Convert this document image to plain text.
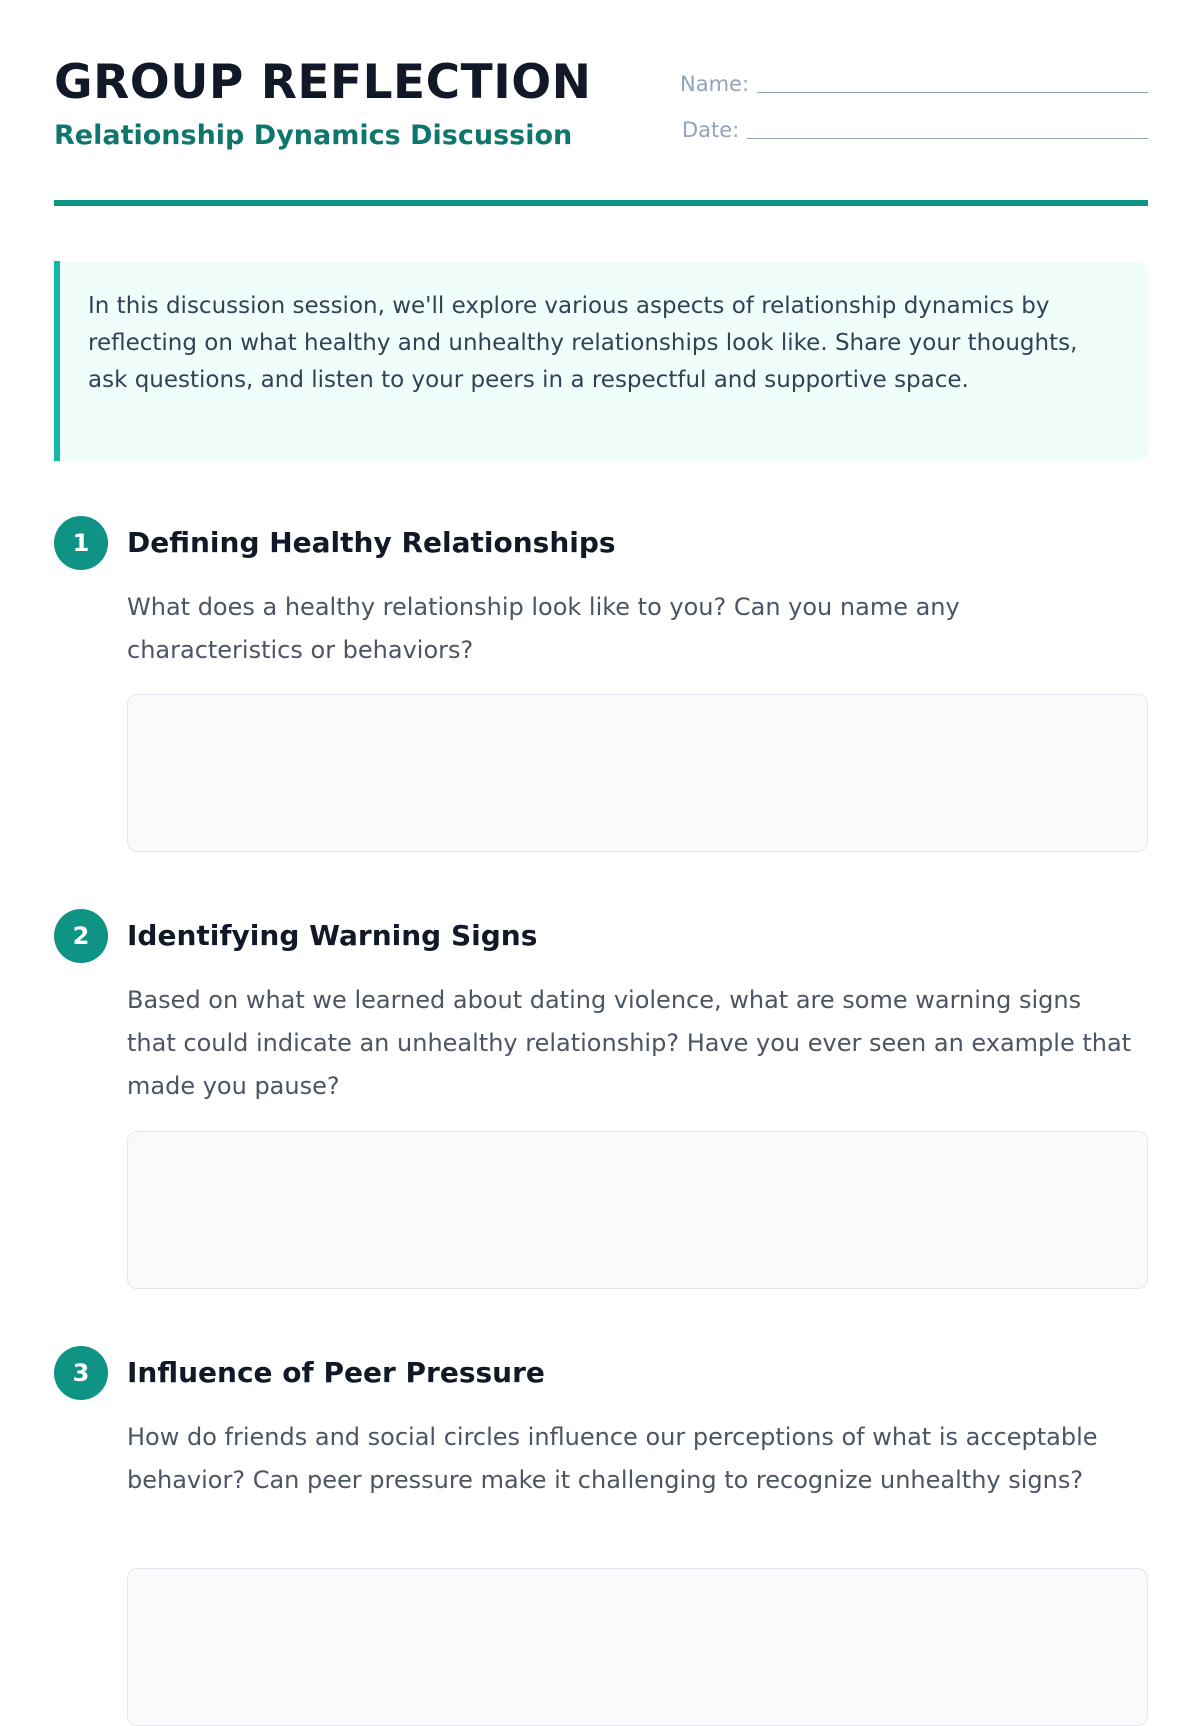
GROUP REFLECTION
Relationship Dynamics Discussion
Name:
Date:
In this discussion session, we'll explore various aspects of relationship dynamics by reflecting on what healthy and unhealthy relationships look like. Share your thoughts, ask questions, and listen to your peers in a respectful and supportive space.
1	Defining Healthy Relationships

What does a healthy relationship look like to you? Can you name any characteristics or behaviors?

2	Identifying Warning Signs

Based on what we learned about dating violence, what are some warning signs that could indicate an unhealthy relationship? Have you ever seen an example that made you pause?

3	Influence of Peer Pressure

How do friends and social circles influence our perceptions of what is acceptable behavior? Can peer pressure make it challenging to recognize unhealthy signs?
